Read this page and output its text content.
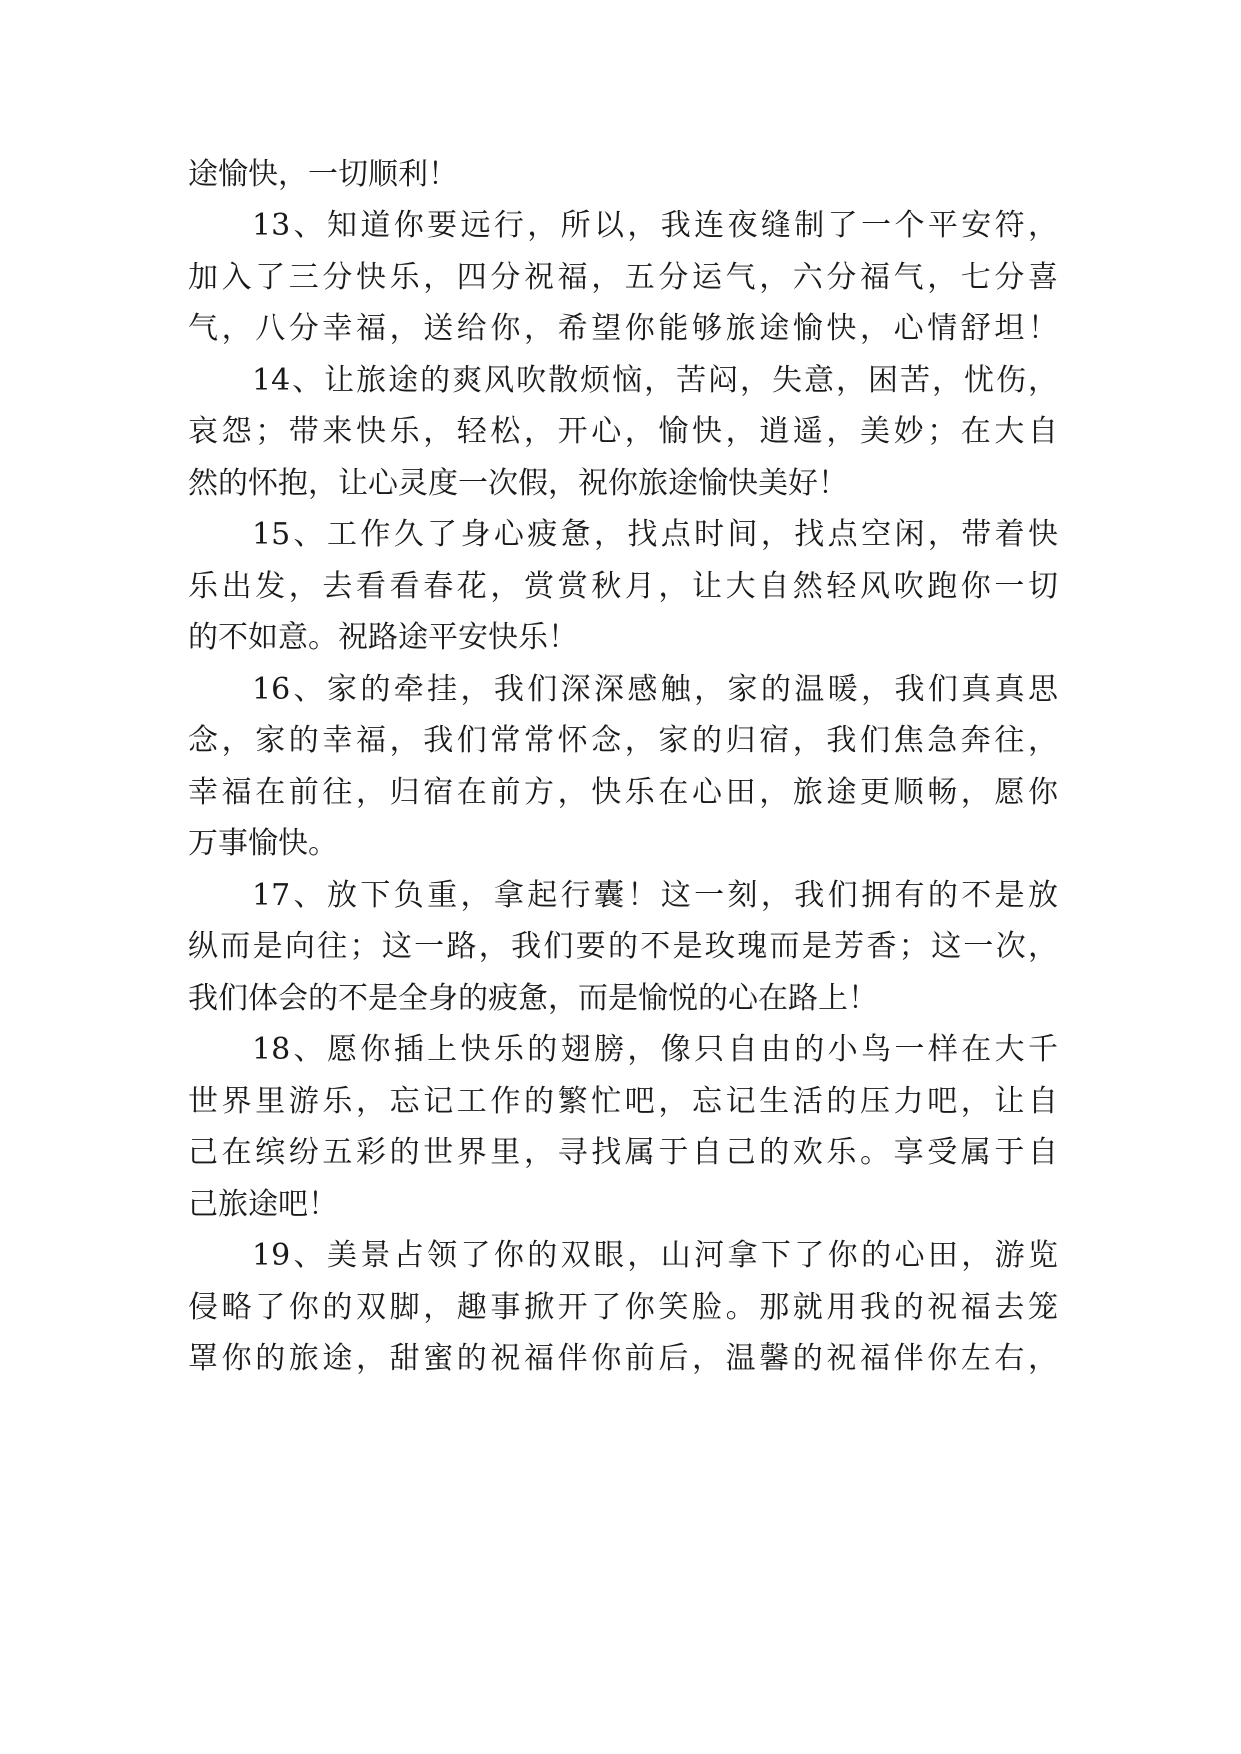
途愉快，一切顺利！
13、知道你要远行，所以，我连夜缝制了一个平安符，
加入了三分快乐，四分祝福，五分运气，六分福气，七分喜
气，八分幸福，送给你，希望你能够旅途愉快，心情舒坦！
14、让旅途的爽风吹散烦恼，苦闷，失意，困苦，忧伤，
哀怨；带来快乐，轻松，开心，愉快，逍遥，美妙；在大自
然的怀抱，让心灵度一次假，祝你旅途愉快美好！
15、工作久了身心疲惫，找点时间，找点空闲，带着快
乐出发，去看看春花，赏赏秋月，让大自然轻风吹跑你一切
的不如意。祝路途平安快乐！
16、家的牵挂，我们深深感触，家的温暖，我们真真思
念，家的幸福，我们常常怀念，家的归宿，我们焦急奔往，
幸福在前往，归宿在前方，快乐在心田，旅途更顺畅，愿你
万事愉快。
17、放下负重，拿起行囊！这一刻，我们拥有的不是放
纵而是向往；这一路，我们要的不是玫瑰而是芳香；这一次，
我们体会的不是全身的疲惫，而是愉悦的心在路上！
18、愿你插上快乐的翅膀，像只自由的小鸟一样在大千
世界里游乐，忘记工作的繁忙吧，忘记生活的压力吧，让自
己在缤纷五彩的世界里，寻找属于自己的欢乐。享受属于自
己旅途吧！
19、美景占领了你的双眼，山河拿下了你的心田，游览
侵略了你的双脚，趣事掀开了你笑脸。那就用我的祝福去笼
罩你的旅途，甜蜜的祝福伴你前后，温馨的祝福伴你左右，
